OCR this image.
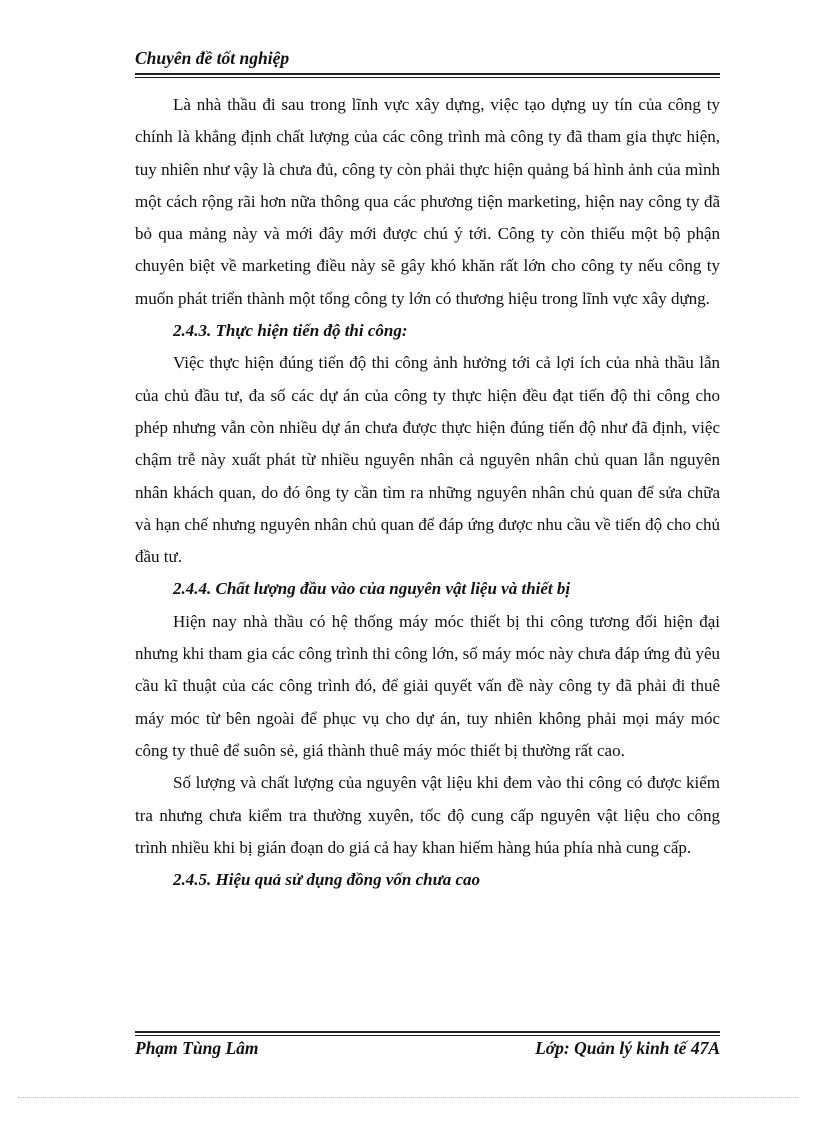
Chuyên đề tốt nghiệp

Là nhà thầu đi sau trong lĩnh vực xây dựng, việc tạo dựng uy tín của công ty chính là khẳng định chất lượng của các công trình mà công ty đã tham gia thực hiện, tuy nhiên như vậy là chưa đủ, công ty còn phải thực hiện quảng bá hình ảnh của mình một cách rộng rãi hơn nữa thông qua các phương tiện marketing, hiện nay công ty đã bỏ qua mảng này và mới đây mới được chú ý tới. Công ty còn thiếu một bộ phận chuyên biệt về marketing điều này sẽ gây khó khăn rất lớn cho công ty nếu công ty muốn phát triển thành một tổng công ty lớn có thương hiệu trong lĩnh vực xây dựng.

2.4.3. Thực hiện tiến độ thi công:

Việc thực hiện đúng tiến độ thi công ảnh hưởng tới cả lợi ích của nhà thầu lẫn của chủ đầu tư, đa số các dự án của công ty thực hiện đều đạt tiến độ thi công cho phép nhưng vẫn còn nhiều dự án chưa được thực hiện đúng tiến độ như đã định, việc chậm trễ này xuất phát từ nhiều nguyên nhân cả nguyên nhân chủ quan lẫn nguyên nhân khách quan, do đó ông ty cần tìm ra những nguyên nhân chủ quan để sửa chữa và hạn chế nhưng nguyên nhân chủ quan để đáp ứng được nhu cầu về tiến độ cho chủ đầu tư.

2.4.4. Chất lượng đầu vào của nguyên vật liệu và thiết bị

Hiện nay nhà thầu có hệ thống máy móc thiết bị thi công tương đối hiện đại nhưng khi tham gia các công trình thi công lớn, số máy móc này chưa đáp ứng đủ yêu cầu kĩ thuật của các công trình đó, để giải quyết vấn đề này công ty đã phải đi thuê máy móc từ bên ngoài để phục vụ cho dự án, tuy nhiên không phải mọi máy móc công ty thuê để suôn sẻ, giá thành thuê máy móc thiết bị thường rất cao.

Số lượng và chất lượng của nguyên vật liệu khi đem vào thi công có được kiểm tra nhưng chưa kiểm tra thường xuyên, tốc độ cung cấp nguyên vật liệu cho công trình nhiều khi bị gián đoạn do giá cả hay khan hiếm hàng húa phía nhà cung cấp.

2.4.5. Hiệu quả sử dụng đồng vốn chưa cao

Phạm Tùng Lâm	Lớp: Quản lý kinh tế 47A
